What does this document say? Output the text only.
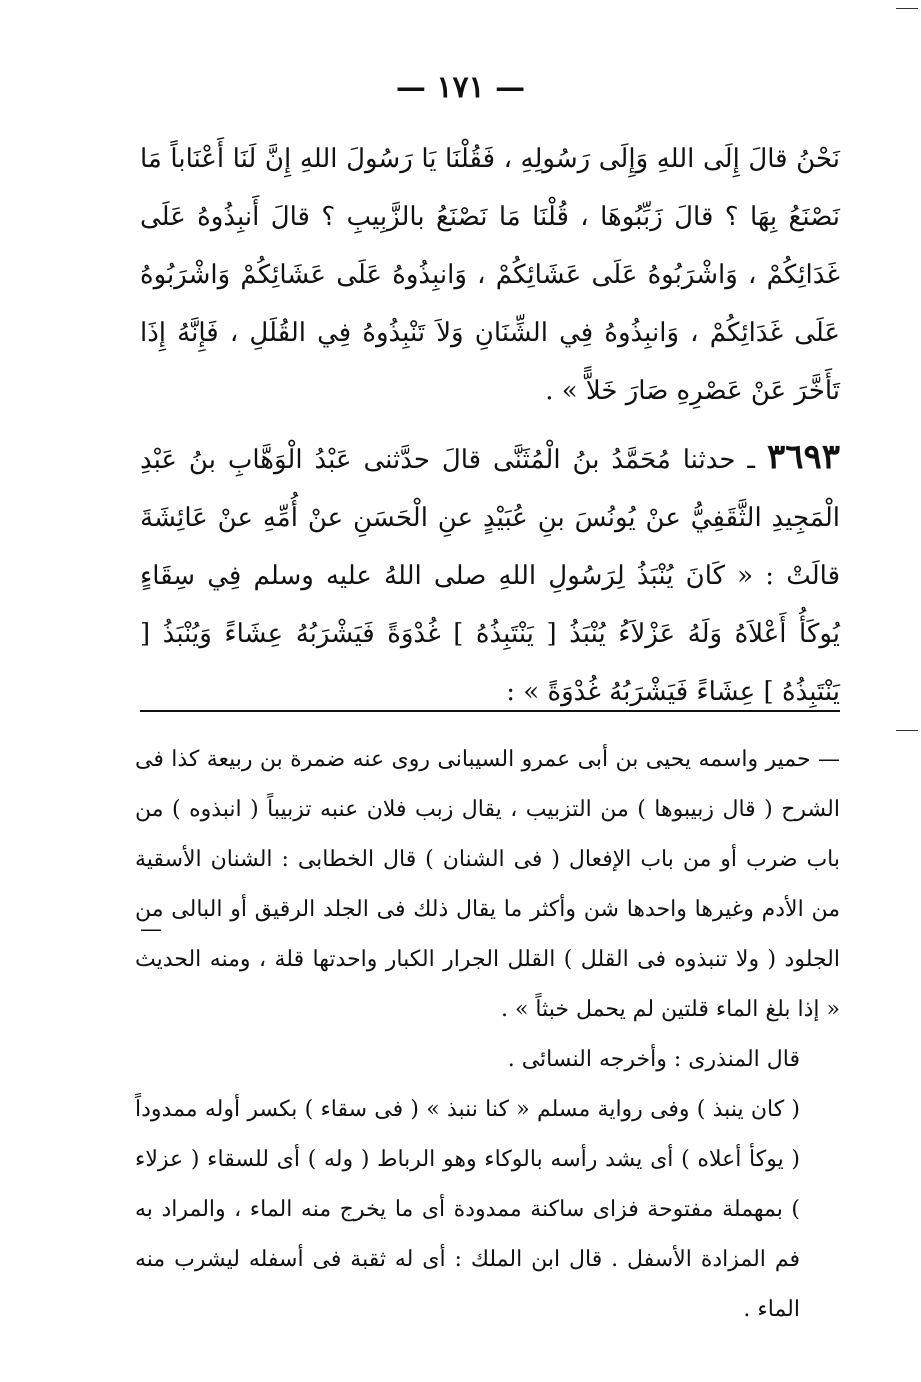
— ١٧١ —

نَحْنُ قالَ إِلَى اللهِ وَإِلَى رَسُولِهِ ، فَقُلْنَا يَا رَسُولَ اللهِ إِنَّ لَنَا أَعْنَاباً مَا نَصْنَعُ بِهَا ؟ قالَ زَبِّبُوهَا ، قُلْنَا مَا نَصْنَعُ بالزَّبِيبِ ؟ قالَ أَنبِذُوهُ عَلَى غَدَائِكُمْ ، وَاشْرَبُوهُ عَلَى عَشَائِكُمْ ، وَانبِذُوهُ عَلَى عَشَائِكُمْ وَاشْرَبُوهُ عَلَى غَدَائِكُمْ ، وَانبِذُوهُ فِي الشِّنَانِ وَلاَ تَنْبِذُوهُ فِي القُلَلِ ، فَإِنَّهُ إِذَا تَأَخَّرَ عَنْ عَصْرِهِ صَارَ خَلاًّ » .

٣٦٩٣ ـ حدثنا مُحَمَّدُ بنُ الْمُثَنَّى قالَ حدَّثنى عَبْدُ الْوَهَّابِ بنُ عَبْدِ الْمَجِيدِ الثَّقَفِيُّ عنْ يُونُسَ بنِ عُبَيْدٍ عنِ الْحَسَنِ عنْ أُمِّهِ عنْ عَائِشَةَ قالَتْ : « كَانَ يُنْبَذُ لِرَسُولِ اللهِ صلى اللهُ عليه وسلم فِي سِقَاءٍ يُوكَأُ أَعْلاَهُ وَلَهُ عَزْلاَءُ يُنْبَذُ [ يَنْتَبِذُهُ ] غُدْوَةً فَيَشْرَبُهُ عِشَاءً وَيُنْبَذُ [ يَنْتَبِذُهُ ] عِشَاءً فَيَشْرَبُهُ غُدْوَةً » :

— حمير واسمه يحيى بن أبى عمرو السيبانى روى عنه ضمرة بن ربيعة كذا فى الشرح ( قال زبيبوها ) من التزبيب ، يقال زبب فلان عنبه تزبيباً ( انبذوه ) من باب ضرب أو من باب الإفعال ( فى الشنان ) قال الخطابى : الشنان الأسقية من الأدم وغيرها واحدها شن وأكثر ما يقال ذلك فى الجلد الرقيق أو البالى من الجلود ( ولا تنبذوه فى القلل ) القلل الجرار الكبار واحدتها قلة ، ومنه الحديث « إذا بلغ الماء قلتين لم يحمل خبثاً » .

قال المنذرى : وأخرجه النسائى .

( كان ينبذ ) وفى رواية مسلم « كنا ننبذ » ( فى سقاء ) بكسر أوله ممدوداً ( يوكأ أعلاه ) أى يشد رأسه بالوكاء وهو الرباط ( وله ) أى للسقاء ( عزلاء ) بمهملة مفتوحة فزاى ساكنة ممدودة أى ما يخرج منه الماء ، والمراد به فم المزادة الأسفل . قال ابن الملك : أى له ثقبة فى أسفله ليشرب منه الماء .

—
